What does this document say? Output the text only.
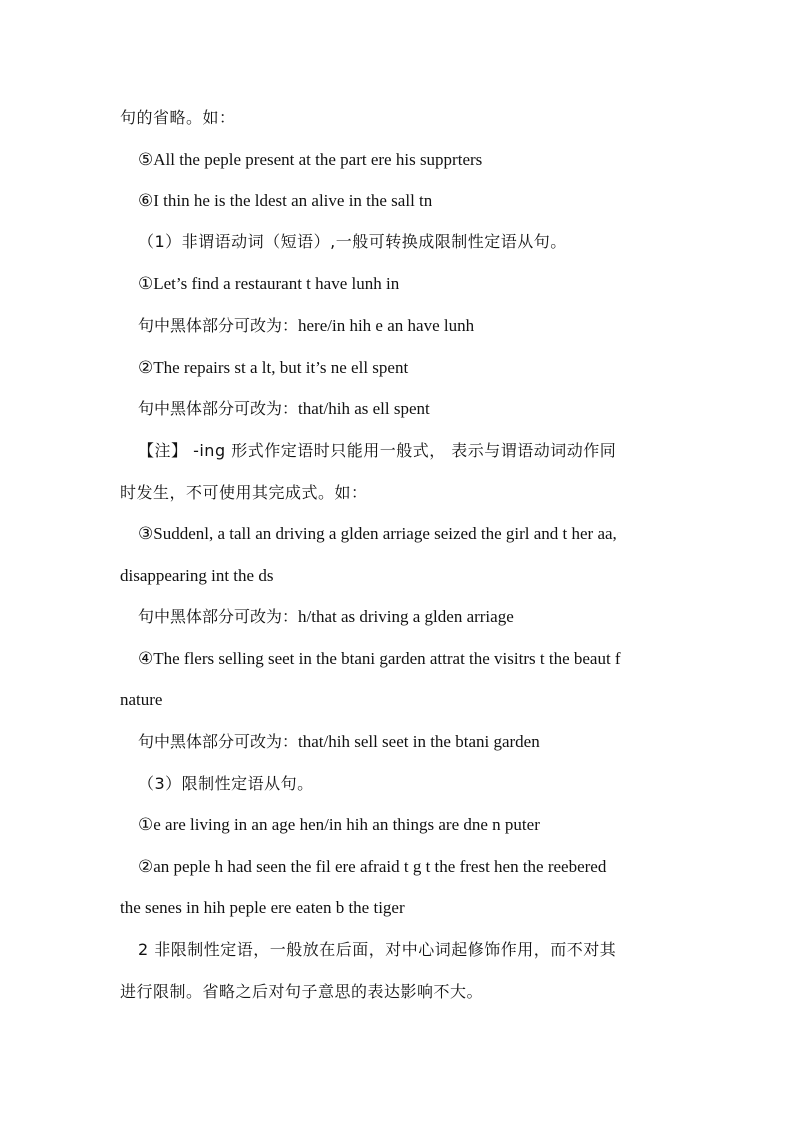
句的省略。如：
⑤All the peple present at the part ere his supprters
⑥I thin he is the ldest an alive in the sall tn
（1）非谓语动词（短语）,一般可转换成限制性定语从句。
①Let’s find a restaurant t have lunh in
句中黑体部分可改为：here/in hih e an have lunh
②The repairs st a lt, but it’s ne ell spent
句中黑体部分可改为：that/hih as ell spent
【注】 -ing 形式作定语时只能用一般式， 表示与谓语动词动作同
时发生，不可使用其完成式。如：
③Suddenl, a tall an driving a glden arriage seized the girl and t her aa,
disappearing int the ds
句中黑体部分可改为：h/that as driving a glden arriage
④The flers selling seet in the btani garden attrat the visitrs t the beaut f
nature
句中黑体部分可改为：that/hih sell seet in the btani garden
（3）限制性定语从句。
①e are living in an age hen/in hih an things are dne n puter
②an peple h had seen the fil ere afraid t g t the frest hen the reebered
the senes in hih peple ere eaten b the tiger
2 非限制性定语，一般放在后面，对中心词起修饰作用，而不对其
进行限制。省略之后对句子意思的表达影响不大。
